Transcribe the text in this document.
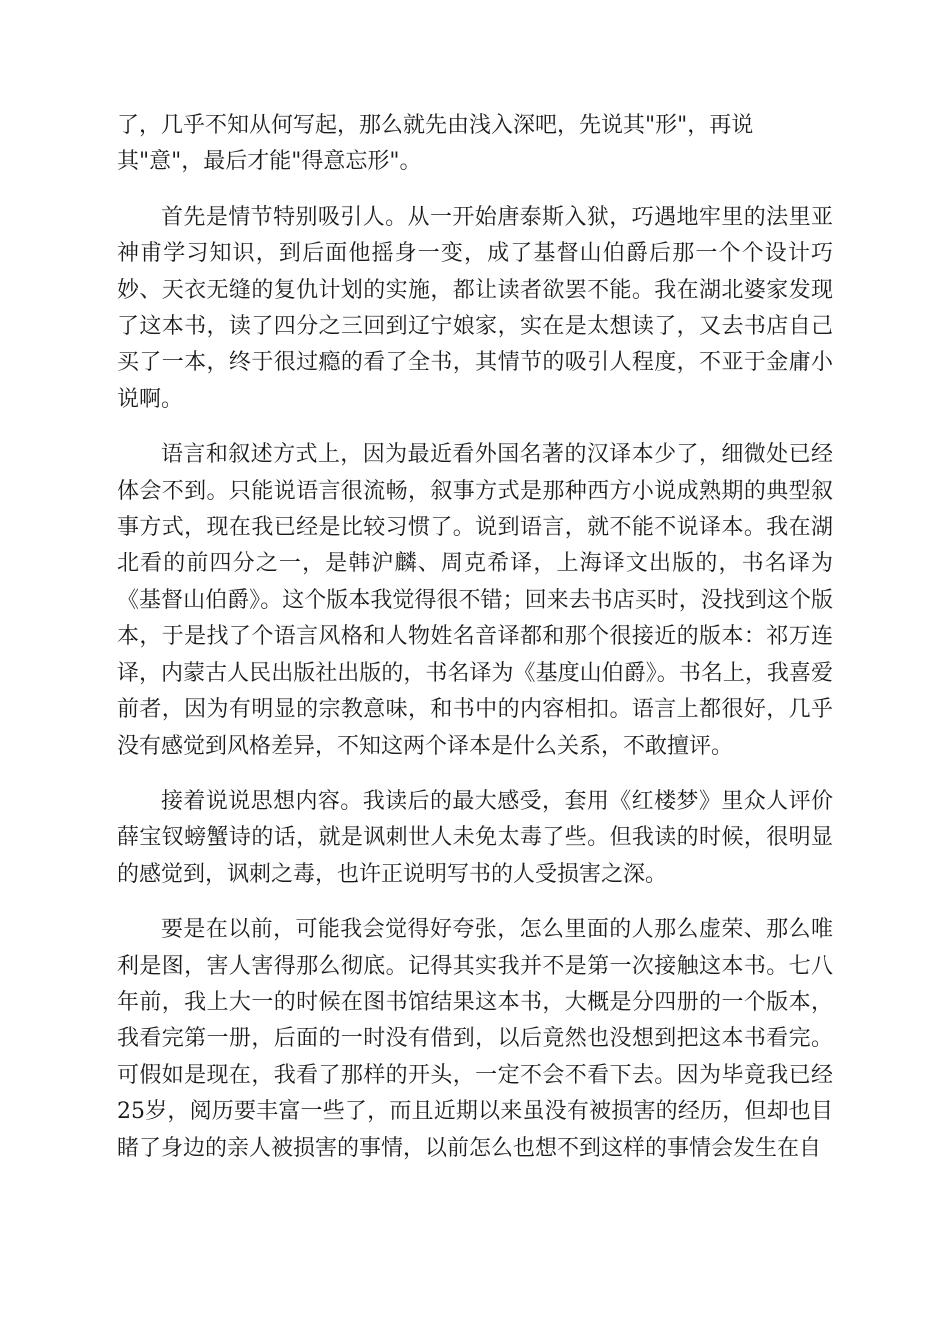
了，几乎不知从何写起，那么就先由浅入深吧，先说其"形"，再说
其"意"，最后才能"得意忘形"。

首先是情节特别吸引人。从一开始唐泰斯入狱，巧遇地牢里的法里亚神甫学习知识，到后面他摇身一变，成了基督山伯爵后那一个个设计巧妙、天衣无缝的复仇计划的实施，都让读者欲罢不能。我在湖北婆家发现了这本书，读了四分之三回到辽宁娘家，实在是太想读了，又去书店自己买了一本，终于很过瘾的看了全书，其情节的吸引人程度，不亚于金庸小说啊。

语言和叙述方式上，因为最近看外国名著的汉译本少了，细微处已经体会不到。只能说语言很流畅，叙事方式是那种西方小说成熟期的典型叙事方式，现在我已经是比较习惯了。说到语言，就不能不说译本。我在湖北看的前四分之一，是韩沪麟、周克希译，上海译文出版的，书名译为《基督山伯爵》。这个版本我觉得很不错；回来去书店买时，没找到这个版本，于是找了个语言风格和人物姓名音译都和那个很接近的版本：祁万连译，内蒙古人民出版社出版的，书名译为《基度山伯爵》。书名上，我喜爱前者，因为有明显的宗教意味，和书中的内容相扣。语言上都很好，几乎没有感觉到风格差异，不知这两个译本是什么关系，不敢擅评。

接着说说思想内容。我读后的最大感受，套用《红楼梦》里众人评价薛宝钗螃蟹诗的话，就是讽刺世人未免太毒了些。但我读的时候，很明显的感觉到，讽刺之毒，也许正说明写书的人受损害之深。

要是在以前，可能我会觉得好夸张，怎么里面的人那么虚荣、那么唯利是图，害人害得那么彻底。记得其实我并不是第一次接触这本书。七八年前，我上大一的时候在图书馆结果这本书，大概是分四册的一个版本，我看完第一册，后面的一时没有借到，以后竟然也没想到把这本书看完。可假如是现在，我看了那样的开头，一定不会不看下去。因为毕竟我已经25岁，阅历要丰富一些了，而且近期以来虽没有被损害的经历，但却也目睹了身边的亲人被损害的事情，以前怎么也想不到这样的事情会发生在自
